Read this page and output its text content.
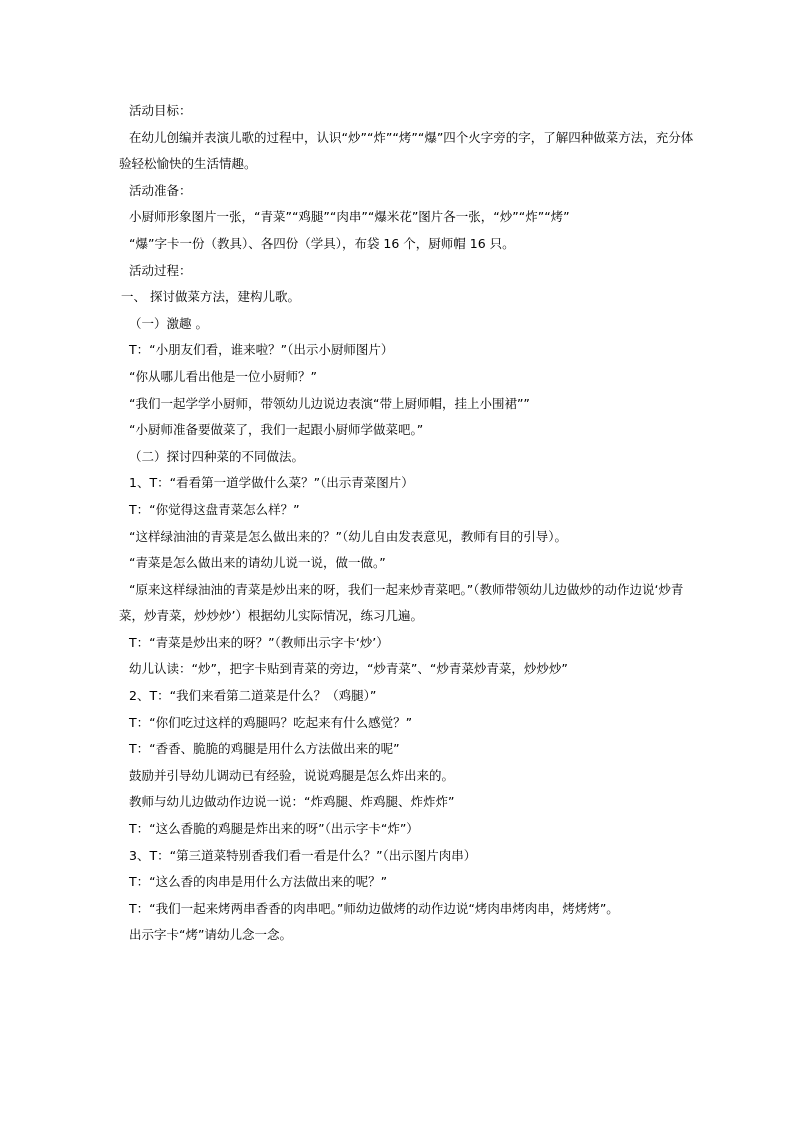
活动目标：

在幼儿创编并表演儿歌的过程中，认识“炒”“炸”“烤”“爆”四个火字旁的字，了解四种做菜方法，充分体

验轻松愉快的生活情趣。

活动准备：

小厨师形象图片一张，“青菜”“鸡腿”“肉串”“爆米花”图片各一张，“炒”“炸”“烤”

“爆”字卡一份（教具）、各四份（学具），布袋 16 个，厨师帽 16 只。

活动过程：

一、 探讨做菜方法，建构儿歌。

（一）激趣 。

T：“小朋友们看，谁来啦？”（出示小厨师图片）

“你从哪儿看出他是一位小厨师？”

“我们一起学学小厨师，带领幼儿边说边表演“带上厨师帽，挂上小围裙””

“小厨师准备要做菜了，我们一起跟小厨师学做菜吧。”

（二）探讨四种菜的不同做法。

1、T：“看看第一道学做什么菜？”（出示青菜图片）

T：“你觉得这盘青菜怎么样？”

“这样绿油油的青菜是怎么做出来的？”（幼儿自由发表意见，教师有目的引导）。

“青菜是怎么做出来的请幼儿说一说，做一做。”

“原来这样绿油油的青菜是炒出来的呀，我们一起来炒青菜吧。”（教师带领幼儿边做炒的动作边说‘炒青

菜，炒青菜，炒炒炒’）根据幼儿实际情况，练习几遍。

T：“青菜是炒出来的呀？”（教师出示字卡‘炒’）

幼儿认读：“炒”，把字卡贴到青菜的旁边，“炒青菜”、“炒青菜炒青菜，炒炒炒”

2、T：“我们来看第二道菜是什么？（鸡腿）”

T：“你们吃过这样的鸡腿吗？吃起来有什么感觉？”

T：“香香、脆脆的鸡腿是用什么方法做出来的呢”

鼓励并引导幼儿调动已有经验，说说鸡腿是怎么炸出来的。

教师与幼儿边做动作边说一说：“炸鸡腿、炸鸡腿、炸炸炸”

T：“这么香脆的鸡腿是炸出来的呀”（出示字卡“炸”）

3、T：“第三道菜特别香我们看一看是什么？”（出示图片肉串）

T：“这么香的肉串是用什么方法做出来的呢？”

T：“我们一起来烤两串香香的肉串吧。”师幼边做烤的动作边说“烤肉串烤肉串，烤烤烤”。

出示字卡“烤”请幼儿念一念。
